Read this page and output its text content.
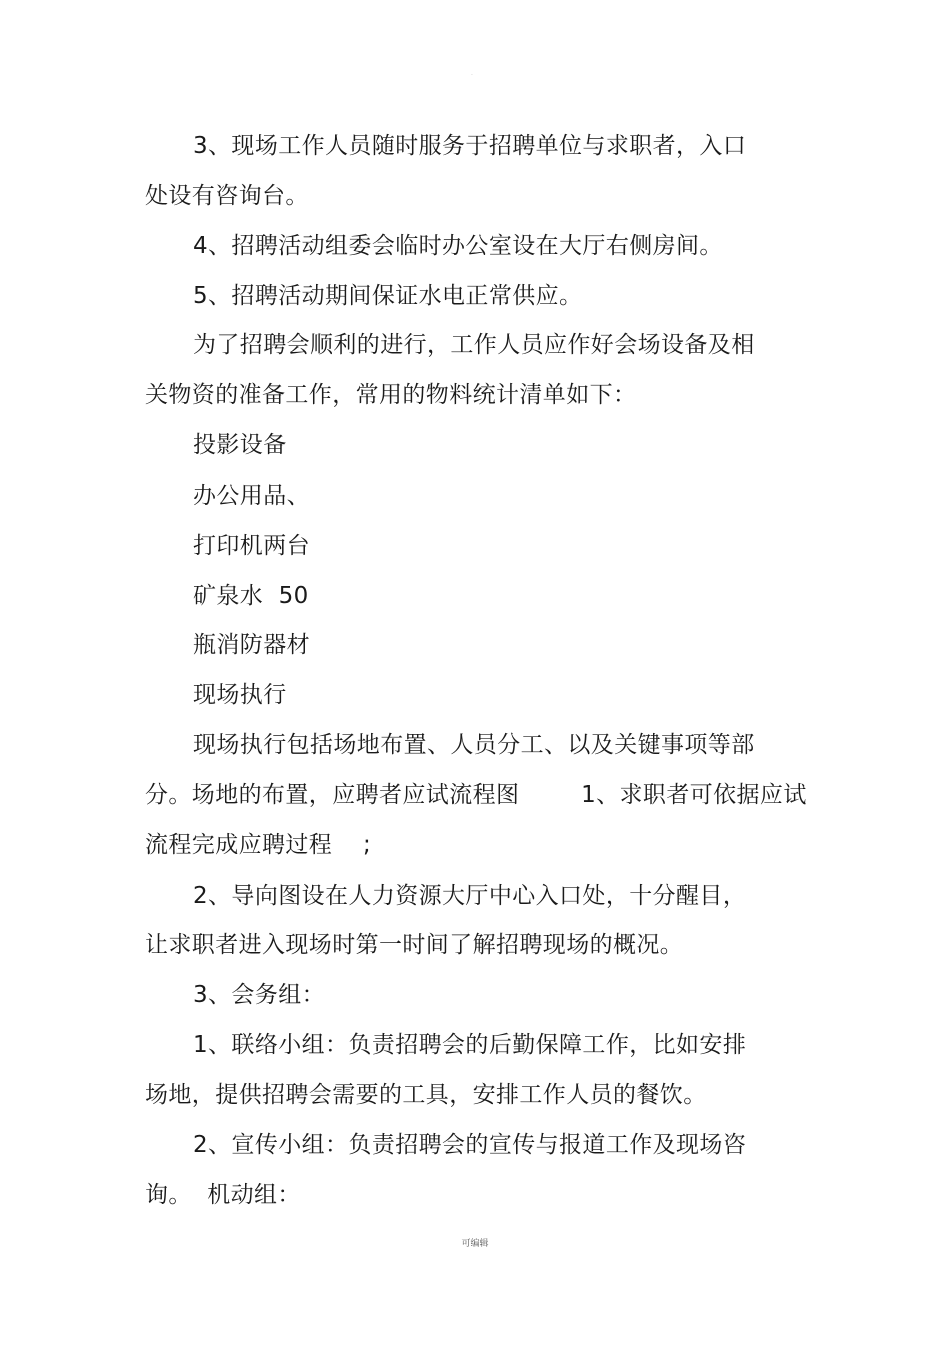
.
3、现场工作人员随时服务于招聘单位与求职者，入口
处设有咨询台。
4、招聘活动组委会临时办公室设在大厅右侧房间。
5、招聘活动期间保证水电正常供应。
为了招聘会顺利的进行，工作人员应作好会场设备及相
关物资的准备工作，常用的物料统计清单如下：
投影设备
办公用品、
打印机两台
矿泉水  50
瓶消防器材
现场执行
现场执行包括场地布置、人员分工、以及关键事项等部
分。场地的布置，应聘者应试流程图        1、求职者可依据应试
流程完成应聘过程    ;
2、导向图设在人力资源大厅中心入口处，十分醒目，
让求职者进入现场时第一时间了解招聘现场的概况。
3、会务组：
1、联络小组：负责招聘会的后勤保障工作，比如安排
场地，提供招聘会需要的工具，安排工作人员的餐饮。
2、宣传小组：负责招聘会的宣传与报道工作及现场咨
询。  机动组：
可编辑
